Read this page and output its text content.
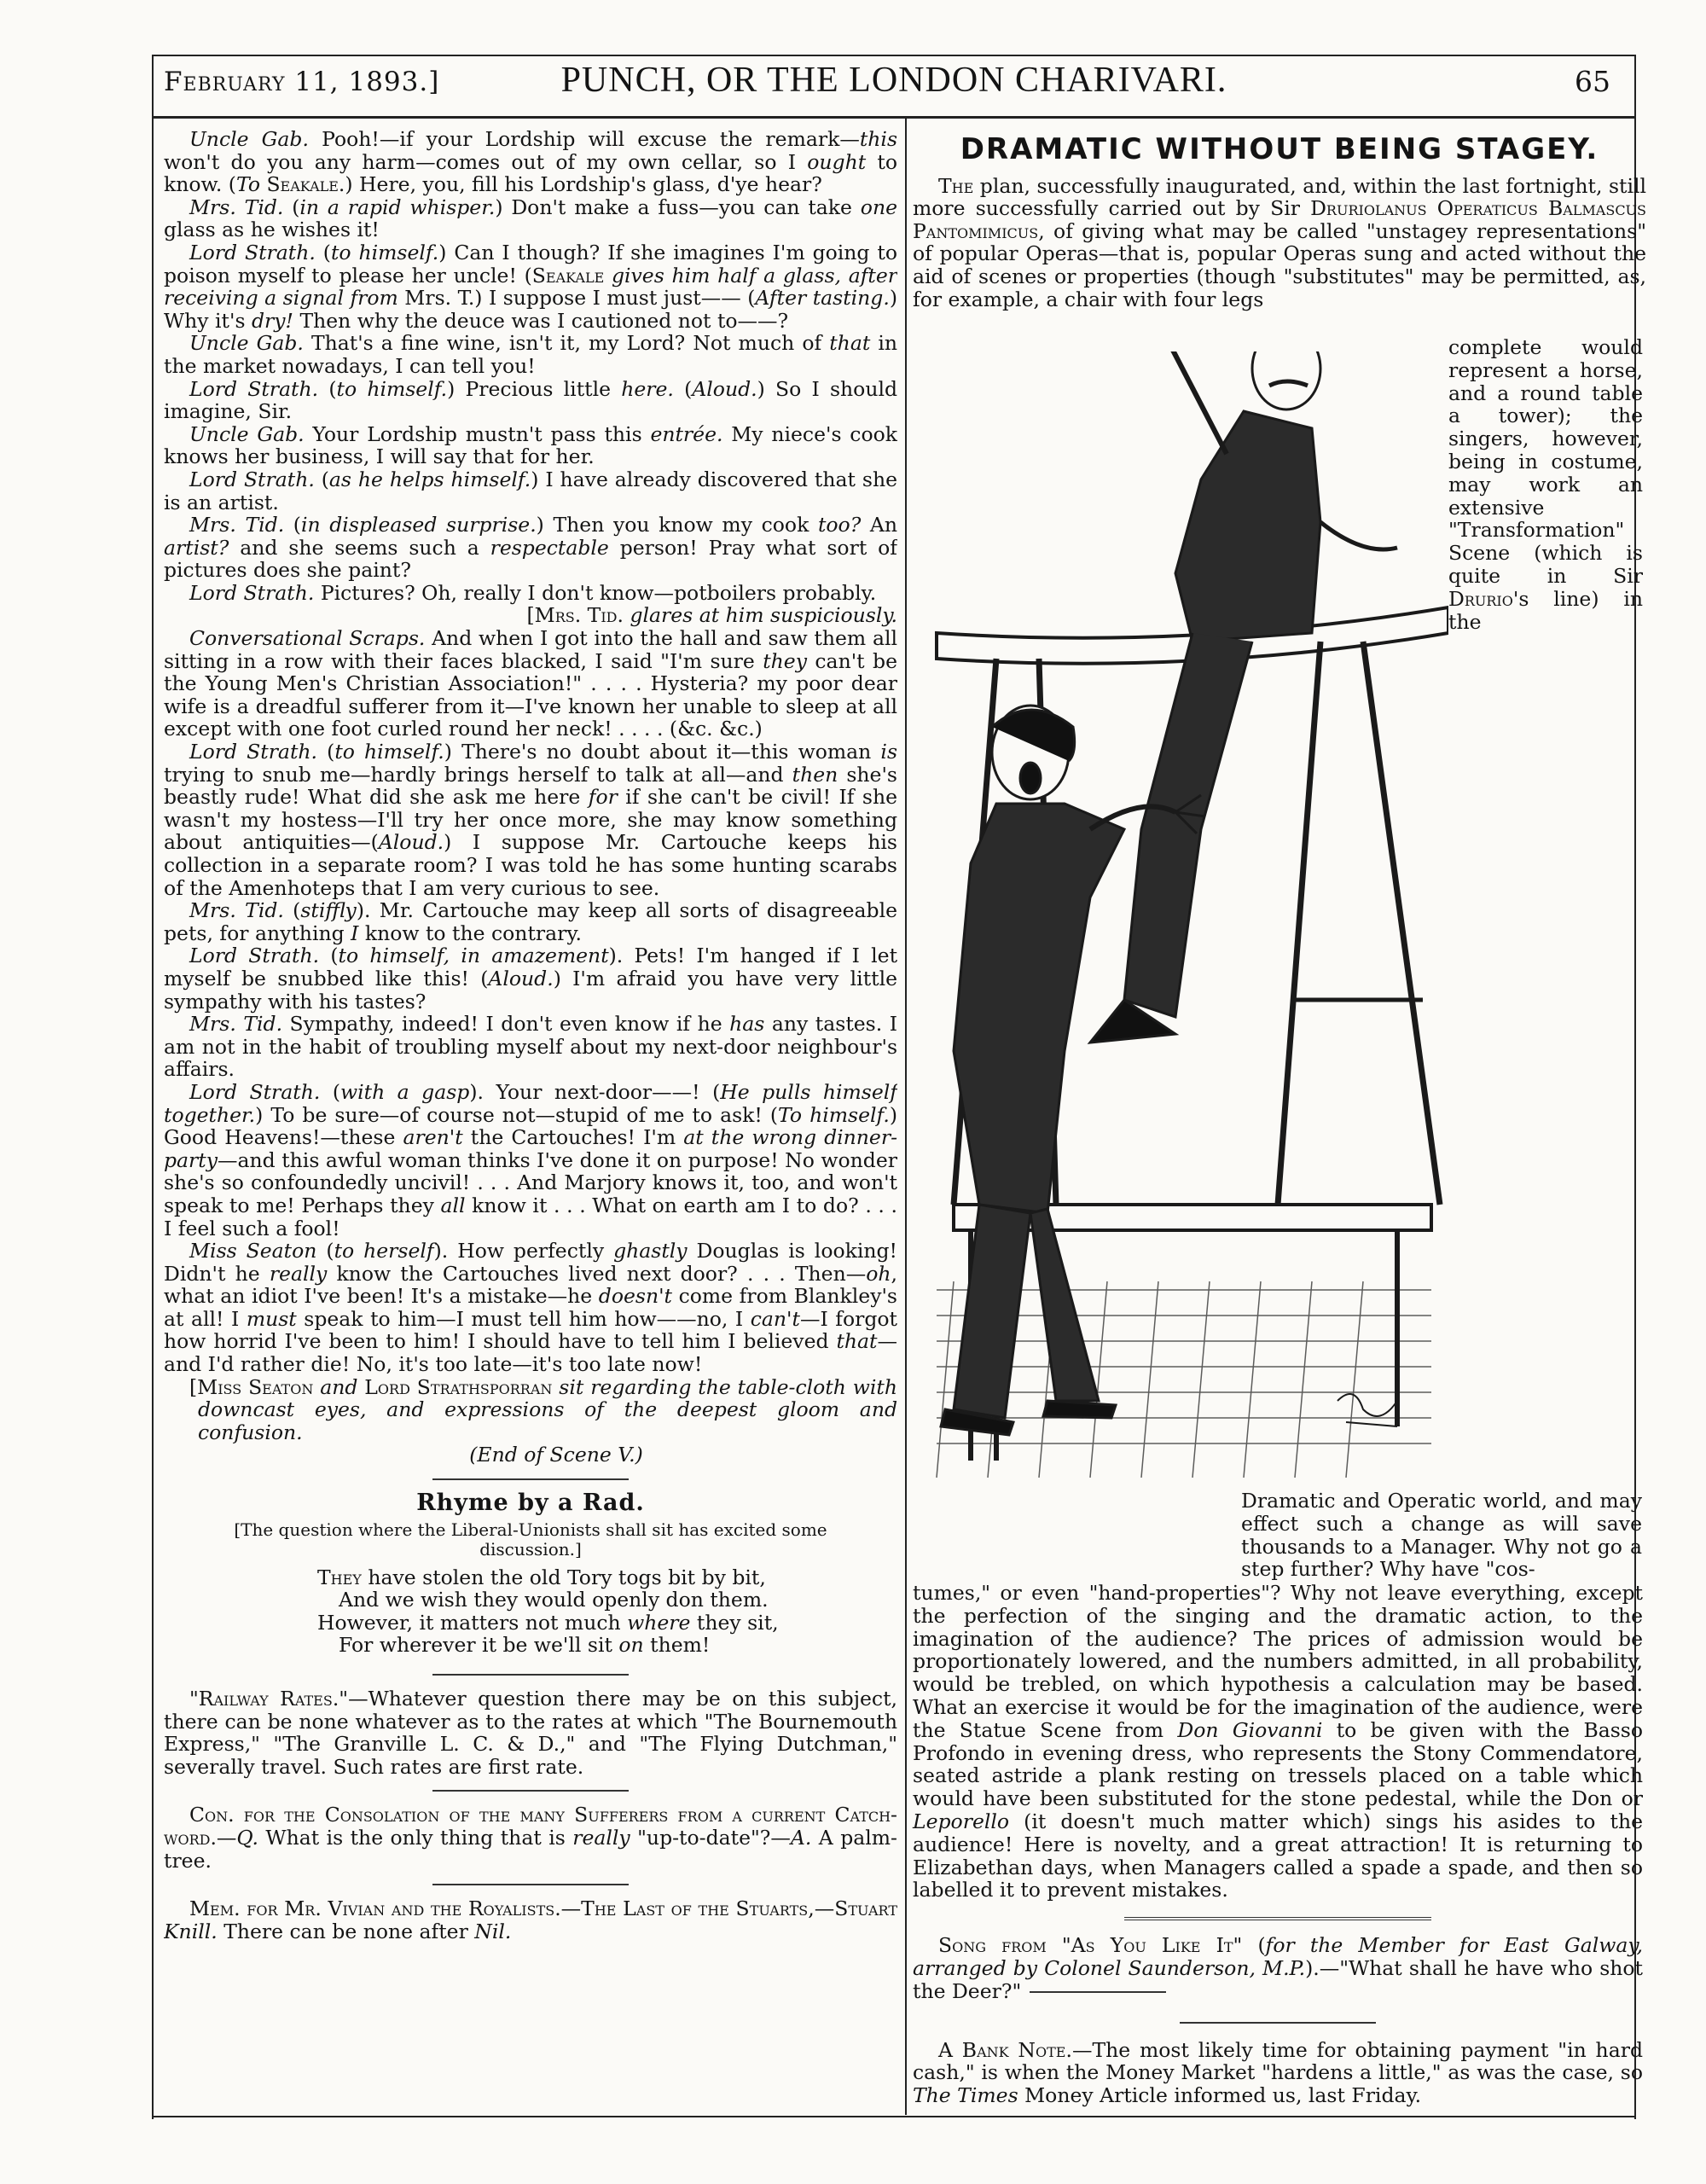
February 11, 1893.]	PUNCH, OR THE LONDON CHARIVARI.	65

Uncle Gab. Pooh!—if your Lordship will excuse the remark—this won't do you any harm—comes out of my own cellar, so I ought to know. (To Seakale.) Here, you, fill his Lordship's glass, d'ye hear?

Mrs. Tid. (in a rapid whisper.) Don't make a fuss—you can take one glass as he wishes it!

Lord Strath. (to himself.) Can I though? If she imagines I'm going to poison myself to please her uncle! (Seakale gives him half a glass, after receiving a signal from Mrs. T.) I suppose I must just—— (After tasting.) Why it's dry! Then why the deuce was I cautioned not to——?

Uncle Gab. That's a fine wine, isn't it, my Lord? Not much of that in the market nowadays, I can tell you!

Lord Strath. (to himself.) Precious little here. (Aloud.) So I should imagine, Sir.

Uncle Gab. Your Lordship mustn't pass this entrée. My niece's cook knows her business, I will say that for her.

Lord Strath. (as he helps himself.) I have already discovered that she is an artist.

Mrs. Tid. (in displeased surprise.) Then you know my cook too? An artist? and she seems such a respectable person! Pray what sort of pictures does she paint?

Lord Strath. Pictures? Oh, really I don't know—potboilers probably.

[Mrs. Tid. glares at him suspiciously.

Conversational Scraps. And when I got into the hall and saw them all sitting in a row with their faces blacked, I said "I'm sure they can't be the Young Men's Christian Association!" . . . . Hysteria? my poor dear wife is a dreadful sufferer from it—I've known her unable to sleep at all except with one foot curled round her neck! . . . . (&c. &c.)

Lord Strath. (to himself.) There's no doubt about it—this woman is trying to snub me—hardly brings herself to talk at all—and then she's beastly rude! What did she ask me here for if she can't be civil! If she wasn't my hostess—I'll try her once more, she may know something about antiquities—(Aloud.) I suppose Mr. Cartouche keeps his collection in a separate room? I was told he has some hunting scarabs of the Amenhoteps that I am very curious to see.

Mrs. Tid. (stiffly). Mr. Cartouche may keep all sorts of disagreeable pets, for anything I know to the contrary.

Lord Strath. (to himself, in amazement). Pets! I'm hanged if I let myself be snubbed like this! (Aloud.) I'm afraid you have very little sympathy with his tastes?

Mrs. Tid. Sympathy, indeed! I don't even know if he has any tastes. I am not in the habit of troubling myself about my next-door neighbour's affairs.

Lord Strath. (with a gasp). Your next-door——! (He pulls himself together.) To be sure—of course not—stupid of me to ask! (To himself.) Good Heavens!—these aren't the Cartouches! I'm at the wrong dinner-party—and this awful woman thinks I've done it on purpose! No wonder she's so confoundedly uncivil! . . . And Marjory knows it, too, and won't speak to me! Perhaps they all know it . . . What on earth am I to do? . . . I feel such a fool!

Miss Seaton (to herself). How perfectly ghastly Douglas is looking! Didn't he really know the Cartouches lived next door? . . . Then—oh, what an idiot I've been! It's a mistake—he doesn't come from Blankley's at all! I must speak to him—I must tell him how——no, I can't—I forgot how horrid I've been to him! I should have to tell him I believed that—and I'd rather die! No, it's too late—it's too late now!

[Miss Seaton and Lord Strathsporran sit regarding the table-cloth with downcast eyes, and expressions of the deepest gloom and confusion.

(End of Scene V.)

Rhyme by a Rad.
[The question where the Liberal-Unionists shall sit has excited some discussion.]

They have stolen the old Tory togs bit by bit,

And we wish they would openly don them.

However, it matters not much where they sit,

For wherever it be we'll sit on them!

"Railway Rates."—Whatever question there may be on this subject, there can be none whatever as to the rates at which "The Bournemouth Express," "The Granville L. C. & D.," and "The Flying Dutchman," severally travel. Such rates are first rate.

Con. for the Consolation of the many Sufferers from a current Catch-word.—Q. What is the only thing that is really "up-to-date"?—A. A palm-tree.

Mem. for Mr. Vivian and the Royalists.—The Last of the Stuarts,—Stuart Knill. There can be none after Nil.

DRAMATIC WITHOUT BEING STAGEY.

The plan, successfully inaugurated, and, within the last fortnight, still more successfully carried out by Sir Druriolanus Operaticus Balmascus Pantomimicus, of giving what may be called "unstagey representations" of popular Operas—that is, popular Operas sung and acted without the aid of scenes or properties (though "substitutes" may be permitted, as, for example, a chair with four legs

complete would represent a horse, and a round table a tower); the singers, however, being in costume, may work an extensive "Transformation" Scene (which is quite in Sir Drurio's line) in the
Dramatic and Operatic world, and may effect such a change as will save thousands to a Manager. Why not go a step further? Why have "cos-

tumes," or even "hand-properties"? Why not leave everything, except the perfection of the singing and the dramatic action, to the imagination of the audience? The prices of admission would be proportionately lowered, and the numbers admitted, in all probability, would be trebled, on which hypothesis a calculation may be based. What an exercise it would be for the imagination of the audience, were the Statue Scene from Don Giovanni to be given with the Basso Profondo in evening dress, who represents the Stony Commendatore, seated astride a plank resting on tressels placed on a table which would have been substituted for the stone pedestal, while the Don or Leporello (it doesn't much matter which) sings his asides to the audience! Here is novelty, and a great attraction! It is returning to Elizabethan days, when Managers called a spade a spade, and then so labelled it to prevent mistakes.

Song from "As You Like It" (for the Member for East Galway, arranged by Colonel Saunderson, M.P.).—"What shall he have who shot the Deer?"

A Bank Note.—The most likely time for obtaining payment "in hard cash," is when the Money Market "hardens a little," as was the case, so The Times Money Article informed us, last Friday.
